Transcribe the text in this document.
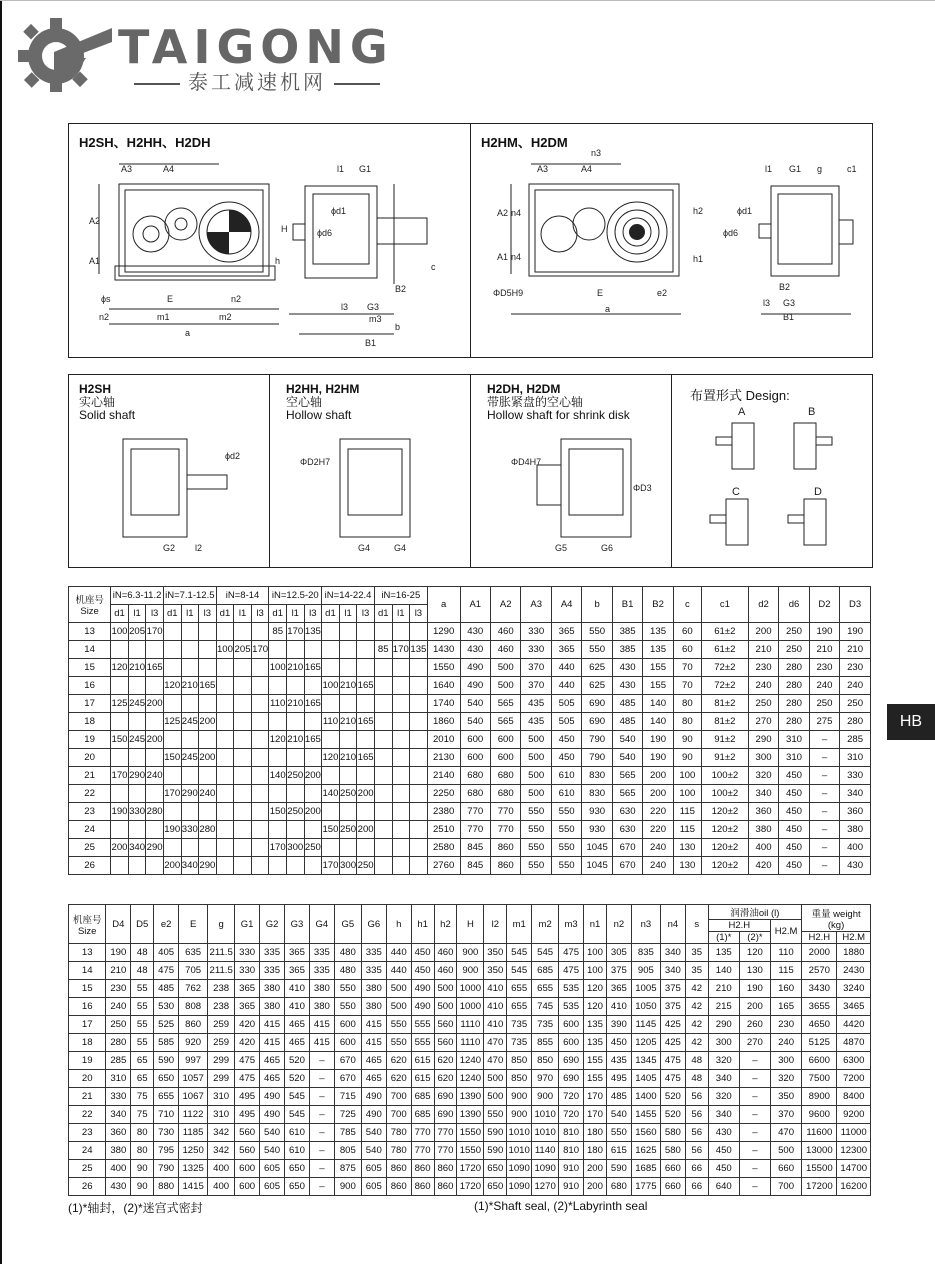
TAIGONG
泰工减速机网
HB
H2SH、H2HH、H2DH
A3	A4
A2
A1
H
h
ϕs	E	n2
n2	m1	m2
a
l1 G1
ϕd6
ϕd1
c
B2
l3 G3
m3
b
B1
H2HM、H2DM
n3
A3	A4
A2 n4
A1 n4
h2
h1
ΦD5H9	E	e2
a
l1 G1 g	c1
ϕd6
ϕd1
B2
l3 G3
B1
H2SH
实心轴
Solid shaft
ϕd2
G2 l2
H2HH, H2HM
空心轴
Hollow shaft
ΦD2H7
G4	G4
H2DH, H2DM
带胀紧盘的空心轴
Hollow shaft for shrink disk
ΦD4H7
ΦD3
G5	G6
布置形式 Design:
A	B
C	D
机座号
Size	iN=6.3-11.2			iN=7.1-12.5			iN=8-14			iN=12.5-20			iN=14-22.4			iN=16-25			a	A1	A2	A3	A4	b	B1	B2	c	c1	d2	d6	D2	D3
	d1	l1	l3	d1	l1	l3	d1	l1	l3	d1	l1	l3	d1	l1	l3	d1	l1	l3														
13	100	205	170							85	170	135							1290	430	460	330	365	550	385	135	60	61±2	200	250	190	190
14							100	205	170							85	170	135	1430	430	460	330	365	550	385	135	60	61±2	210	250	210	210
15	120	210	165							100	210	165							1550	490	500	370	440	625	430	155	70	72±2	230	280	230	230
16				120	210	165							100	210	165				1640	490	500	370	440	625	430	155	70	72±2	240	280	240	240
17	125	245	200							110	210	165							1740	540	565	435	505	690	485	140	80	81±2	250	280	250	250
18				125	245	200							110	210	165				1860	540	565	435	505	690	485	140	80	81±2	270	280	275	280
19	150	245	200							120	210	165							2010	600	600	500	450	790	540	190	90	91±2	290	310	–	285
20				150	245	200							120	210	165				2130	600	600	500	450	790	540	190	90	91±2	300	310	–	310
21	170	290	240							140	250	200							2140	680	680	500	610	830	565	200	100	100±2	320	450	–	330
22				170	290	240							140	250	200				2250	680	680	500	610	830	565	200	100	100±2	340	450	–	340
23	190	330	280							150	250	200							2380	770	770	550	550	930	630	220	115	120±2	360	450	–	360
24				190	330	280							150	250	200				2510	770	770	550	550	930	630	220	115	120±2	380	450	–	380
25	200	340	290							170	300	250							2580	845	860	550	550	1045	670	240	130	120±2	400	450	–	400
26				200	340	290							170	300	250				2760	845	860	550	550	1045	670	240	130	120±2	420	450	–	430
机座号
Size	D4	D5	e2	E	g	G1	G2	G3	G4	G5	G6	h	h1	h2	H	l2	m1	m2	m3	n1	n2	n3	n4	s	润滑油oil (l)			重量 weight
(kg)	
																									H2.H		H2.M		
																									(1)*	(2)*		H2.H	H2.M
13	190	48	405	635	211.5	330	335	365	335	480	335	440	450	460	900	350	545	545	475	100	305	835	340	35	135	120	110	2000	1880
14	210	48	475	705	211.5	330	335	365	335	480	335	440	450	460	900	350	545	685	475	100	375	905	340	35	140	130	115	2570	2430
15	230	55	485	762	238	365	380	410	380	550	380	500	490	500	1000	410	655	655	535	120	365	1005	375	42	210	190	160	3430	3240
16	240	55	530	808	238	365	380	410	380	550	380	500	490	500	1000	410	655	745	535	120	410	1050	375	42	215	200	165	3655	3465
17	250	55	525	860	259	420	415	465	415	600	415	550	555	560	1110	410	735	735	600	135	390	1145	425	42	290	260	230	4650	4420
18	280	55	585	920	259	420	415	465	415	600	415	550	555	560	1110	470	735	855	600	135	450	1205	425	42	300	270	240	5125	4870
19	285	65	590	997	299	475	465	520	–	670	465	620	615	620	1240	470	850	850	690	155	435	1345	475	48	320	–	300	6600	6300
20	310	65	650	1057	299	475	465	520	–	670	465	620	615	620	1240	500	850	970	690	155	495	1405	475	48	340	–	320	7500	7200
21	330	75	655	1067	310	495	490	545	–	715	490	700	685	690	1390	500	900	900	720	170	485	1400	520	56	320	–	350	8900	8400
22	340	75	710	1122	310	495	490	545	–	725	490	700	685	690	1390	550	900	1010	720	170	540	1455	520	56	340	–	370	9600	9200
23	360	80	730	1185	342	560	540	610	–	785	540	780	770	770	1550	590	1010	1010	810	180	550	1560	580	56	430	–	470	11600	11000
24	380	80	795	1250	342	560	540	610	–	805	540	780	770	770	1550	590	1010	1140	810	180	615	1625	580	56	450	–	500	13000	12300
25	400	90	790	1325	400	600	605	650	–	875	605	860	860	860	1720	650	1090	1090	910	200	590	1685	660	66	450	–	660	15500	14700
26	430	90	880	1415	400	600	605	650	–	900	605	860	860	860	1720	650	1090	1270	910	200	680	1775	660	66	640	–	700	17200	16200
(1)*轴封，(2)*迷宫式密封	(1)*Shaft seal, (2)*Labyrinth seal
